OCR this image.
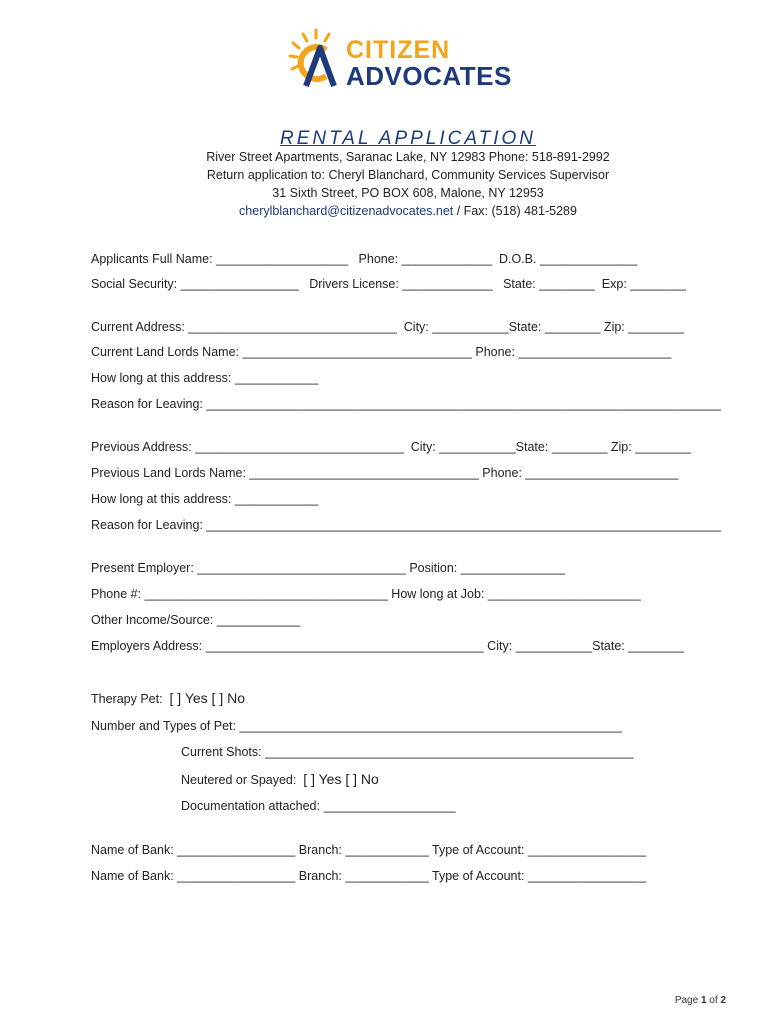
CITIZEN
ADVOCATES
RENTAL APPLICATION
River Street Apartments, Saranac Lake, NY 12983 Phone: 518-891-2992
Return application to: Cheryl Blanchard, Community Services Supervisor
31 Sixth Street, PO BOX 608, Malone, NY 12953
cherylblanchard@citizenadvocates.net / Fax: (518) 481-5289
Applicants Full Name: ___________________   Phone: _____________  D.O.B. ______________
Social Security: _________________   Drivers License: _____________   State: ________  Exp: ________
Current Address: ______________________________  City: ___________State: ________ Zip: ________
Current Land Lords Name: _________________________________ Phone: ______________________
How long at this address: ____________
Reason for Leaving: __________________________________________________________________________
Previous Address: ______________________________  City: ___________State: ________ Zip: ________
Previous Land Lords Name: _________________________________ Phone: ______________________
How long at this address: ____________
Reason for Leaving: __________________________________________________________________________
Present Employer: ______________________________ Position: _______________
Phone #: ___________________________________ How long at Job: ______________________
Other Income/Source: ____________
Employers Address: ________________________________________ City: ___________State: ________
Therapy Pet:  [ ] Yes [ ] No
Number and Types of Pet: _______________________________________________________
Current Shots: _____________________________________________________
Neutered or Spayed:  [ ] Yes [ ] No
Documentation attached: ___________________
Name of Bank: _________________ Branch: ____________ Type of Account: _________________
Name of Bank: _________________ Branch: ____________ Type of Account: _________________
Page 1 of 2
